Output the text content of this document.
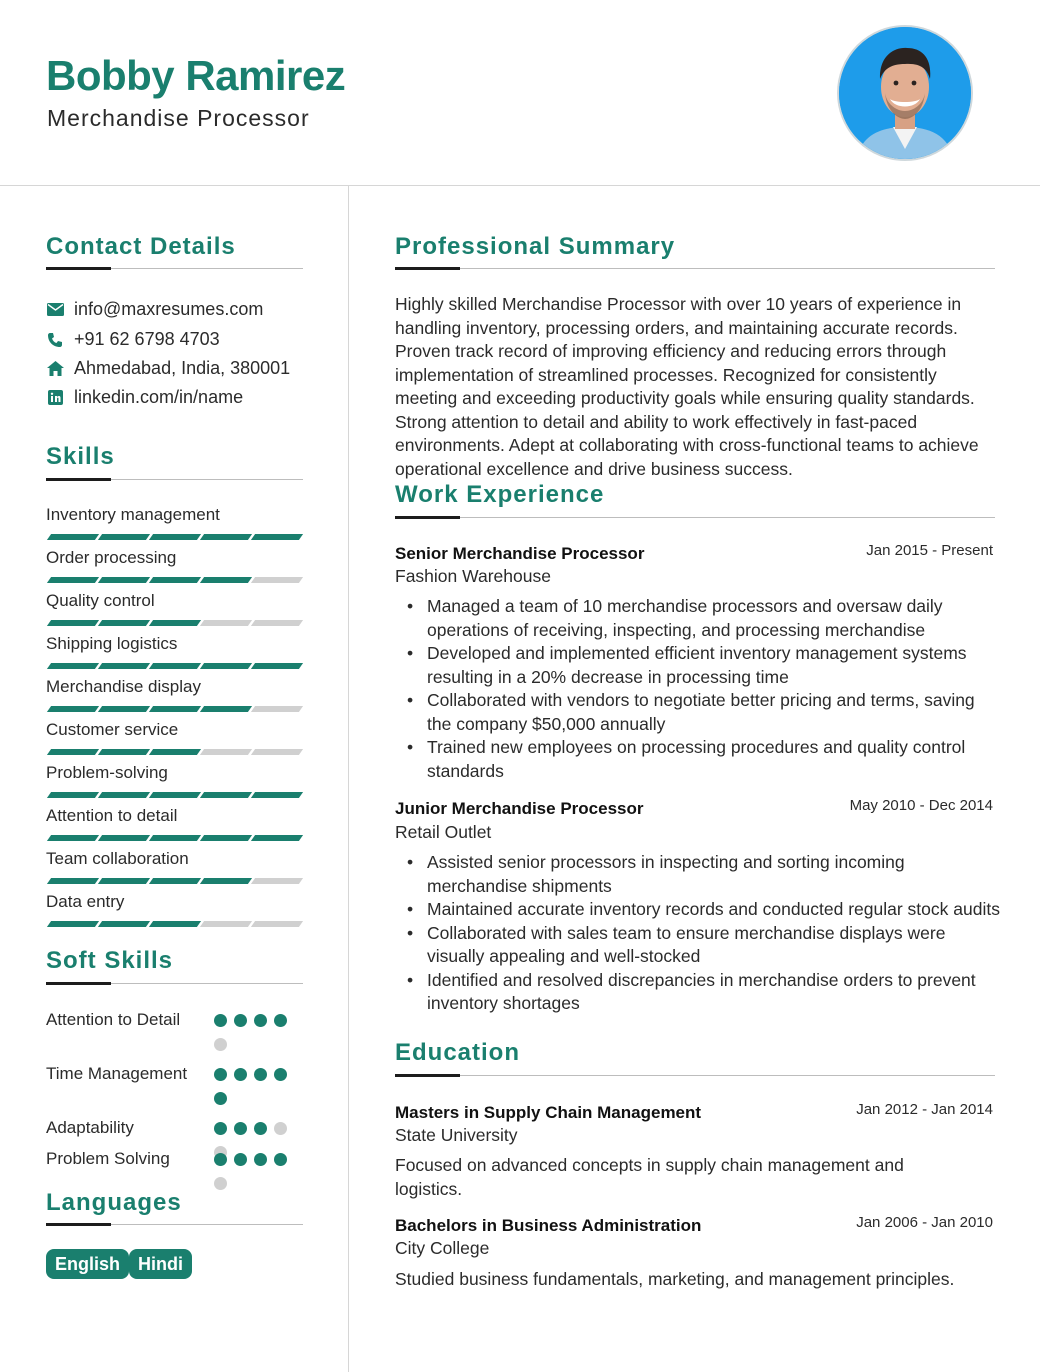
Bobby Ramirez
Merchandise Processor
Contact Details
info@maxresumes.com
+91 62 6798 4703
Ahmedabad, India, 380001
linkedin.com/in/name
Skills
Inventory management
Order processing
Quality control
Shipping logistics
Merchandise display
Customer service
Problem-solving
Attention to detail
Team collaboration
Data entry
Soft Skills
Attention to Detail
Time Management
Adaptability
Problem Solving
Languages
English Hindi
Professional Summary
Highly skilled Merchandise Processor with over 10 years of experience in handling inventory, processing orders, and maintaining accurate records. Proven track record of improving efficiency and reducing errors through implementation of streamlined processes. Recognized for consistently meeting and exceeding productivity goals while ensuring quality standards. Strong attention to detail and ability to work effectively in fast-paced environments. Adept at collaborating with cross-functional teams to achieve operational excellence and drive business success.
Work Experience
Senior Merchandise Processor	Jan 2015 - Present
Fashion Warehouse
• Managed a team of 10 merchandise processors and oversaw daily operations of receiving, inspecting, and processing merchandise
• Developed and implemented efficient inventory management systems resulting in a 20% decrease in processing time
• Collaborated with vendors to negotiate better pricing and terms, saving the company $50,000 annually
• Trained new employees on processing procedures and quality control standards
Junior Merchandise Processor	May 2010 - Dec 2014
Retail Outlet
• Assisted senior processors in inspecting and sorting incoming merchandise shipments
• Maintained accurate inventory records and conducted regular stock audits
• Collaborated with sales team to ensure merchandise displays were visually appealing and well-stocked
• Identified and resolved discrepancies in merchandise orders to prevent inventory shortages
Education
Masters in Supply Chain Management	Jan 2012 - Jan 2014
State University
Focused on advanced concepts in supply chain management and logistics.
Bachelors in Business Administration	Jan 2006 - Jan 2010
City College
Studied business fundamentals, marketing, and management principles.
